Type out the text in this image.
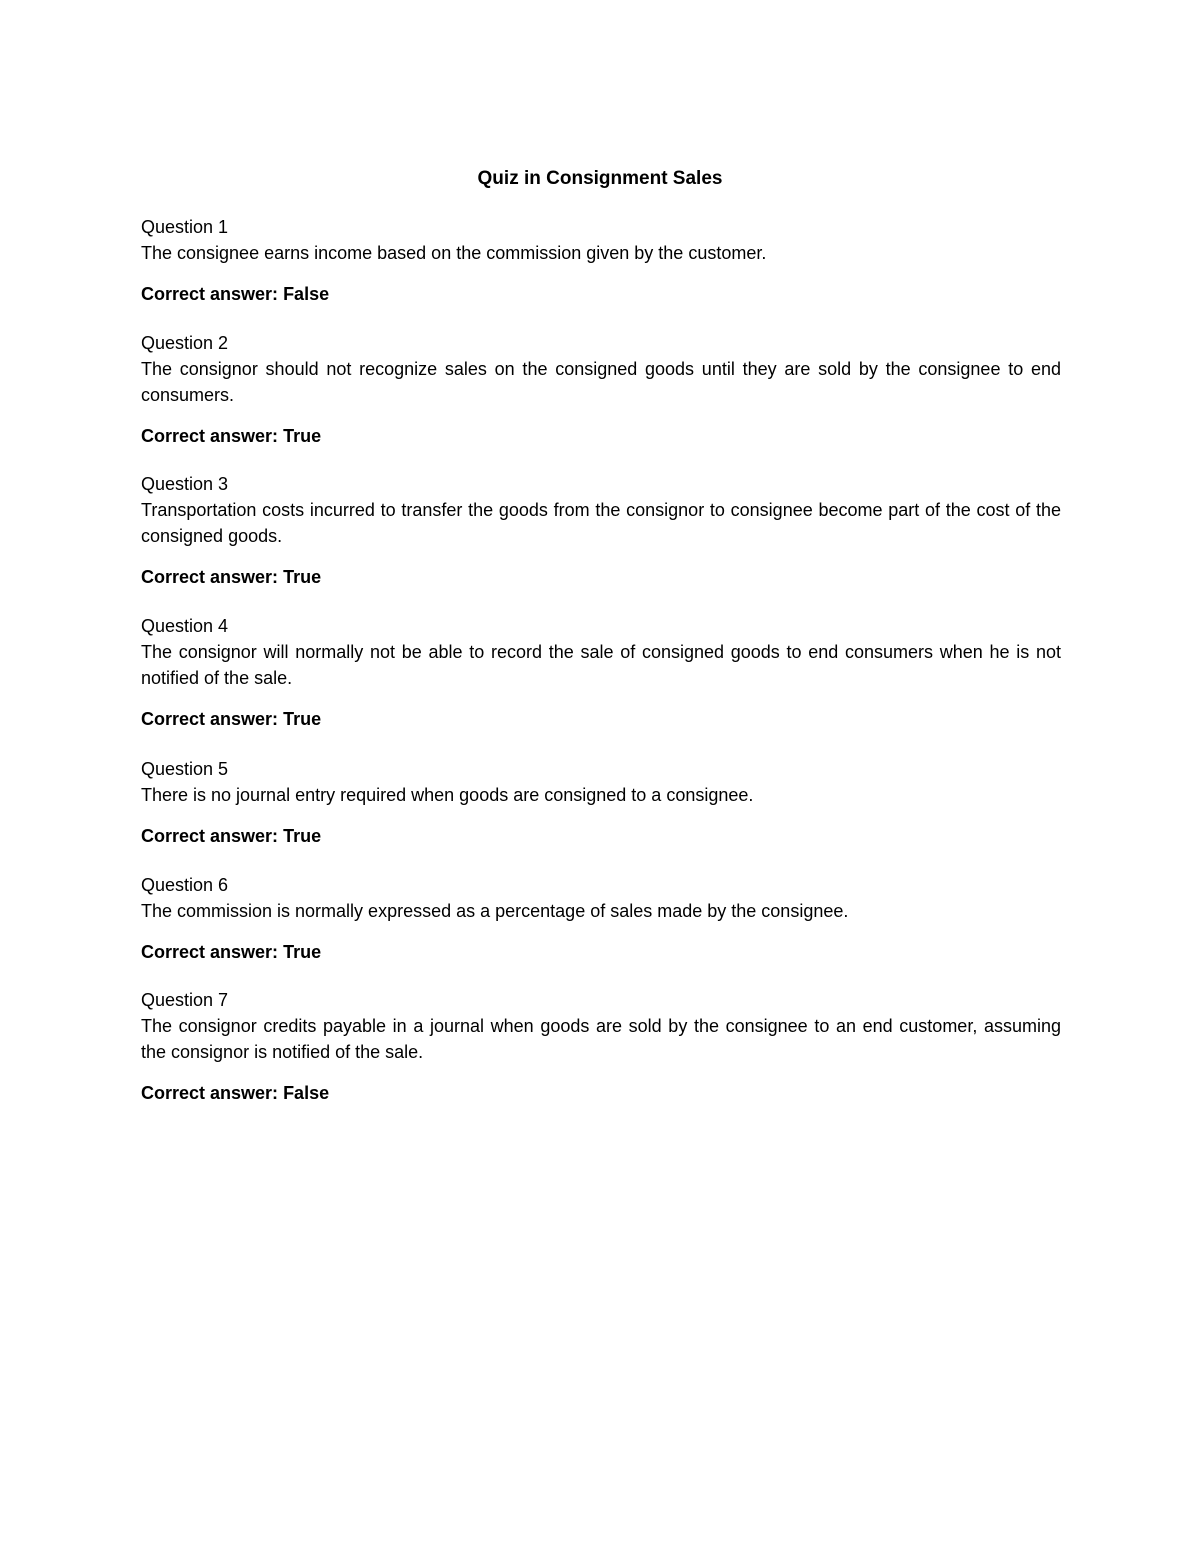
Quiz in Consignment Sales
Question 1
The consignee earns income based on the commission given by the customer.
Correct answer: False
Question 2
The consignor should not recognize sales on the consigned goods until they are sold by the consignee to end consumers.
Correct answer: True
Question 3
Transportation costs incurred to transfer the goods from the consignor to consignee become part of the cost of the consigned goods.
Correct answer: True
Question 4
The consignor will normally not be able to record the sale of consigned goods to end consumers when he is not notified of the sale.
Correct answer: True
Question 5
There is no journal entry required when goods are consigned to a consignee.
Correct answer: True
Question 6
The commission is normally expressed as a percentage of sales made by the consignee.
Correct answer: True
Question 7
The consignor credits payable in a journal when goods are sold by the consignee to an end customer, assuming the consignor is notified of the sale.
Correct answer: False
